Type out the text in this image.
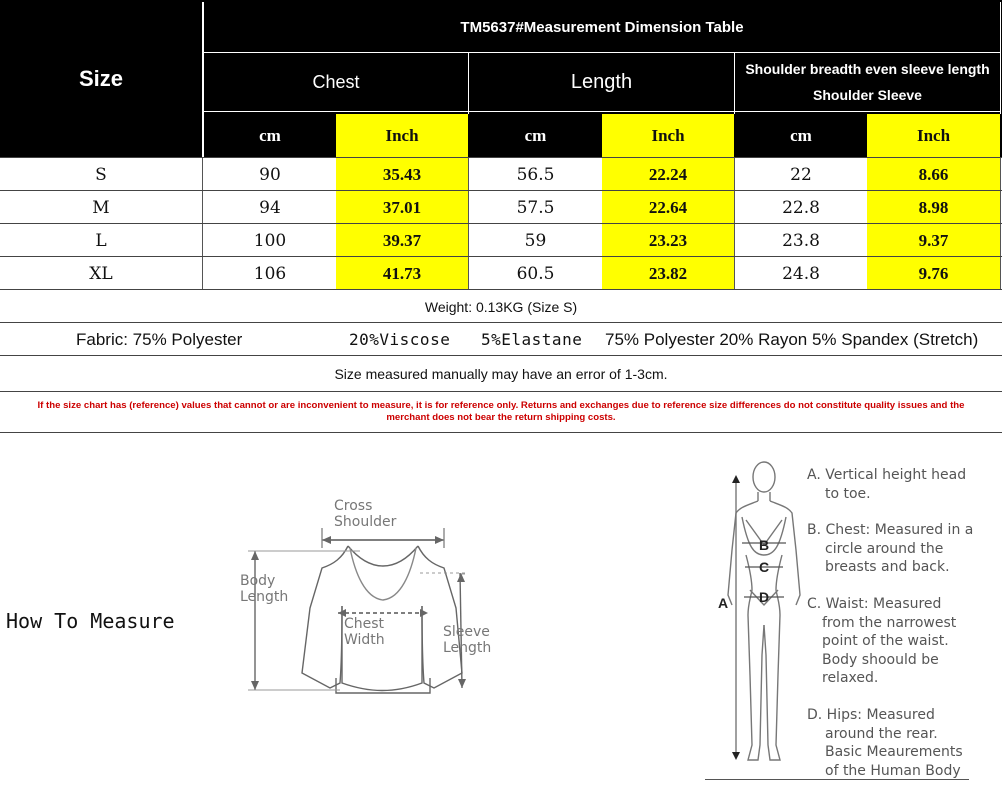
TM5637#Measurement Dimension Table
Size	Chest	Length
Shoulder breadth even sleeve length
Shoulder Sleeve
cm	Inch	cm	Inch	cm	Inch
S	90	35.43	56.5	22.24	22	8.66
M	94	37.01	57.5	22.64	22.8	8.98
L	100	39.37	59	23.23	23.8	9.37
XL	106	41.73	60.5	23.82	24.8	9.76
Weight: 0.13KG (Size S)
Fabric: 75% Polyester	20%Viscose 5%Elastane 75% Polyester 20% Rayon 5% Spandex (Stretch)
Size measured manually may have an error of 1-3cm.
If the size chart has (reference) values that cannot or are inconvenient to measure, it is for reference only. Returns and exchanges due to reference size differences do not constitute quality issues and the
merchant does not bear the return shipping costs.
How To Measure
Cross
Shoulder
Body
Length
Chest
Width	Sleeve
Length
A
B
C
D
A. Vertical height head
to toe.
B. Chest: Measured in a
circle around the
breasts and back.
C. Waist: Measured
from the narrowest
point of the waist.
Body shoould be
relaxed.
D. Hips: Measured
around the rear.
Basic Meaurements
of the Human Body
